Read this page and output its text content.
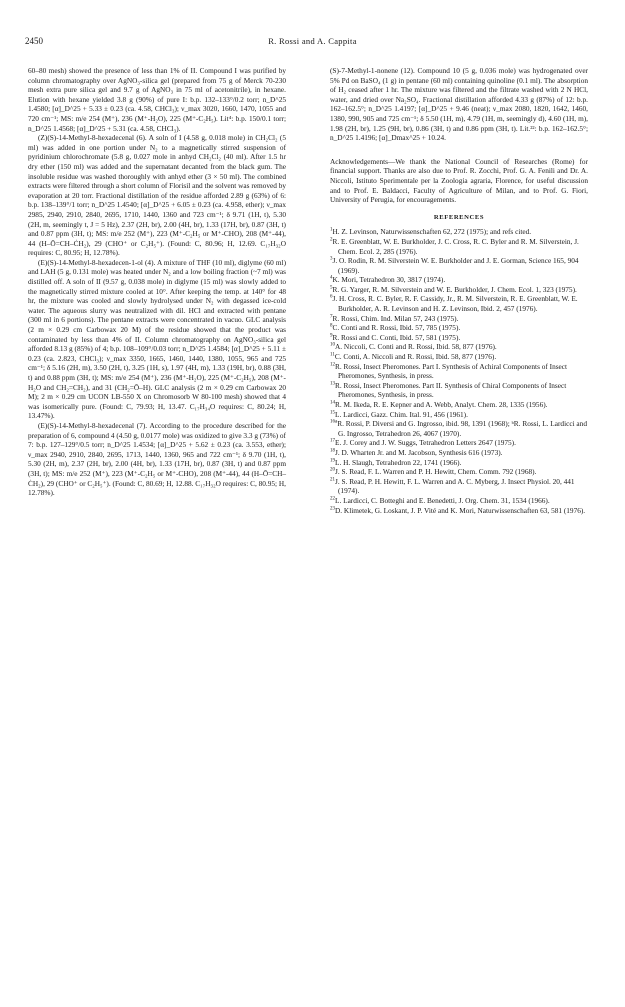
2450	R. Rossi and A. Cappita

60–80 mesh) showed the presence of less than 1% of II. Compound I was purified by column chromatography over AgNO₃-silica gel (prepared from 75 g of Merck 70-230 mesh extra pure silica gel and 9.7 g of AgNO₃ in 75 ml of acetonitrile), in hexane. Elution with hexane yielded 3.8 g (90%) of pure I: b.p. 132–133°/0.2 torr; n_D^25 1.4580; [α]_D^25 + 5.33 ± 0.23 (ca. 4.58, CHCl₃); ν_max 3020, 1660, 1470, 1055 and 720 cm⁻¹; MS: m/e 254 (M⁺), 236 (M⁺-H₂O), 225 (M⁺-C₂H₅). Lit⁴: b.p. 150/0.1 torr; n_D^25 1.4568; [α]_D^25 + 5.31 (ca. 4.58, CHCl₃).

(Z)(S)-14-Methyl-8-hexadecenal (6). A soln of I (4.58 g, 0.018 mole) in CH₂Cl₂ (5 ml) was added in one portion under N₂ to a magnetically stirred suspension of pyridinium chlorochromate (5.8 g, 0.027 mole in anhyd CH₂Cl₂ (40 ml). After 1.5 hr dry ether (150 ml) was added and the supernatant decanted from the black gum. The insoluble residue was washed thoroughly with anhyd ether (3 × 50 ml). The combined extracts were filtered through a short column of Florisil and the solvent was removed by evaporation at 20 torr. Fractional distillation of the residue afforded 2.89 g (63%) of 6: b.p. 138–139°/1 torr; n_D^25 1.4540; [α]_D^25 + 6.05 ± 0.23 (ca. 4.958, ether); ν_max 2985, 2940, 2910, 2840, 2695, 1710, 1440, 1360 and 723 cm⁻¹; δ 9.71 (1H, t), 5.30 (2H, m, seemingly t, J = 5 Hz), 2.37 (2H, br), 2.00 (4H, br), 1.33 (17H, br), 0.87 (3H, t) and 0.87 ppm (3H, t); MS: m/e 252 (M⁺), 223 (M⁺-C₂H₅ or M⁺-CHO), 208 (M⁺-44), 44 (H–Ō=CH–ĊH₂), 29 (CHO⁺ or C₂H₅⁺). (Found: C, 80.96; H, 12.69. C₁₇H₃₂O requires: C, 80.95; H, 12.78%).

(E)(S)-14-Methyl-8-hexadecen-1-ol (4). A mixture of THF (10 ml), diglyme (60 ml) and LAH (5 g, 0.131 mole) was heated under N₂ and a low boiling fraction (~7 ml) was distilled off. A soln of II (9.57 g, 0.038 mole) in diglyme (15 ml) was slowly added to the magnetically stirred mixture cooled at 10°. After keeping the temp. at 140° for 48 hr, the mixture was cooled and slowly hydrolysed under N₂ with degassed ice-cold water. The aqueous slurry was neutralized with dil. HCl and extracted with pentane (300 ml in 6 portions). The pentane extracts were concentrated in vacuo. GLC analysis (2 m × 0.29 cm Carbowax 20 M) of the residue showed that the product was contaminated by less than 4% of II. Column chromatography on AgNO₃-silica gel afforded 8.13 g (85%) of 4; b.p. 108–109°/0.03 torr; n_D^25 1.4584; [α]_D^25 + 5.11 ± 0.23 (ca. 2.823, CHCl₃); ν_max 3350, 1665, 1460, 1440, 1380, 1055, 965 and 725 cm⁻¹; δ 5.16 (2H, m), 3.50 (2H, t), 3.25 (1H, s), 1.97 (4H, m), 1.33 (19H, br), 0.88 (3H, t) and 0.88 ppm (3H, t); MS: m/e 254 (M⁺), 236 (M⁺-H₂O), 225 (M⁺-C₂H₅), 208 (M⁺-H₂O and CH₂=CH₂), and 31 (CH₂=Ō–H). GLC analysis (2 m × 0.29 cm Carbowax 20 M); 2 m × 0.29 cm UCON LB-550 X on Chromosorb W 80-100 mesh) showed that 4 was isomerically pure. (Found: C, 79.93; H, 13.47. C₁₇H₃₄O requires: C, 80.24; H, 13.47%).

(E)(S)-14-Methyl-8-hexadecenal (7). According to the procedure described for the preparation of 6, compound 4 (4.50 g, 0.0177 mole) was oxidized to give 3.3 g (73%) of 7: b.p. 127–129°/0.5 torr; n_D^25 1.4534; [α]_D^25 + 5.62 ± 0.23 (ca. 3.553, ether); ν_max 2940, 2910, 2840, 2695, 1713, 1440, 1360, 965 and 722 cm⁻¹; δ 9.70 (1H, t), 5.30 (2H, m), 2.37 (2H, br), 2.00 (4H, br), 1.33 (17H, br), 0.87 (3H, t) and 0.87 ppm (3H, t); MS: m/e 252 (M⁺), 223 (M⁺-C₂H₅ or M⁺-CHO), 208 (M⁺-44), 44 (H–Ō=CH–ĊH₂), 29 (CHO⁺ or C₂H₅⁺). (Found: C, 80.69; H, 12.88. C₁₇H₃₂O requires: C, 80.95; H, 12.78%).

(S)-7-Methyl-1-nonene (12). Compound 10 (5 g, 0.036 mole) was hydrogenated over 5% Pd on BaSO₄ (1 g) in pentane (60 ml) containing quinoline (0.1 ml). The absorption of H₂ ceased after 1 hr. The mixture was filtered and the filtrate washed with 2 N HCl, water, and dried over Na₂SO₄. Fractional distillation afforded 4.33 g (87%) of 12: b.p. 162–162.5°; n_D^25 1.4197; [α]_D^25 + 9.46 (neat); ν_max 2080, 1820, 1642, 1460, 1380, 990, 905 and 725 cm⁻¹; δ 5.50 (1H, m), 4.79 (1H, m, seemingly d), 4.60 (1H, m), 1.98 (2H, br), 1.25 (9H, br), 0.86 (3H, t) and 0.86 ppm (3H, t). Lit.²²: b.p. 162–162.5°; n_D^25 1.4196; [α]_Dmax^25 + 10.24.

Acknowledgements—We thank the National Council of Researches (Rome) for financial support. Thanks are also due to Prof. R. Zocchi, Prof. G. A. Fenili and Dr. A. Niccoli, Istituto Sperimentale per la Zoologia agraria, Florence, for useful discussion and to Prof. E. Baldacci, Faculty of Agriculture of Milan, and to Prof. G. Fiori, University of Perugia, for encouragements.

REFERENCES

$^1$H. Z. Levinson, Naturwissenschaften 62, 272 (1975); and refs cited.

$^2$R. E. Greenblatt, W. E. Burkholder, J. C. Cross, R. C. Byler and R. M. Silverstein, J. Chem. Ecol. 2, 285 (1976).

$^3$J. O. Rodin, R. M. Silverstein W. E. Burkholder and J. E. Gorman, Science 165, 904 (1969).

$^4$K. Mori, Tetrahedron 30, 3817 (1974).

$^5$R. G. Yarger, R. M. Silverstein and W. E. Burkholder, J. Chem. Ecol. 1, 323 (1975).

$^6$J. H. Cross, R. C. Byler, R. F. Cassidy, Jr., R. M. Silverstein, R. E. Greenblatt, W. E. Burkholder, A. R. Levinson and H. Z. Levinson, Ibid. 2, 457 (1976).

$^7$R. Rossi, Chim. Ind. Milan 57, 243 (1975).

$^8$C. Conti and R. Rossi, Ibid. 57, 785 (1975).

$^9$R. Rossi and C. Conti, Ibid. 57, 581 (1975).

$^{10}$A. Niccoli, C. Conti and R. Rossi, Ibid. 58, 877 (1976).

$^{11}$C. Conti, A. Niccoli and R. Rossi, Ibid. 58, 877 (1976).

$^{12}$R. Rossi, Insect Pheromones. Part I. Synthesis of Achiral Components of Insect Pheromones, Synthesis, in press.

$^{13}$R. Rossi, Insect Pheromones. Part II. Synthesis of Chiral Components of Insect Pheromones, Synthesis, in press.

$^{14}$R. M. Ikeda, R. E. Kepner and A. Webb, Analyt. Chem. 28, 1335 (1956).

$^{15}$L. Lardicci, Gazz. Chim. Ital. 91, 456 (1961).

$^{16a}$R. Rossi, P. Diversi and G. Ingrosso, ibid. 98, 1391 (1968); ᵇR. Rossi, L. Lardicci and G. Ingrosso, Tetrahedron 26, 4067 (1970).

$^{17}$E. J. Corey and J. W. Suggs, Tetrahedron Letters 2647 (1975).

$^{18}$J. D. Wharten Jr. and M. Jacobson, Synthesis 616 (1973).

$^{19}$L. H. Slaugh, Tetrahedron 22, 1741 (1966).

$^{20}$J. S. Read, F. L. Warren and P. H. Hewitt, Chem. Comm. 792 (1968).

$^{21}$J. S. Read, P. H. Hewitt, F. L. Warren and A. C. Myberg, J. Insect Physiol. 20, 441 (1974).

$^{22}$L. Lardicci, C. Botteghi and E. Benedetti, J. Org. Chem. 31, 1534 (1966).

$^{23}$D. Klimetek, G. Loskant, J. P. Vité and K. Mori, Naturwissenschaften 63, 581 (1976).
